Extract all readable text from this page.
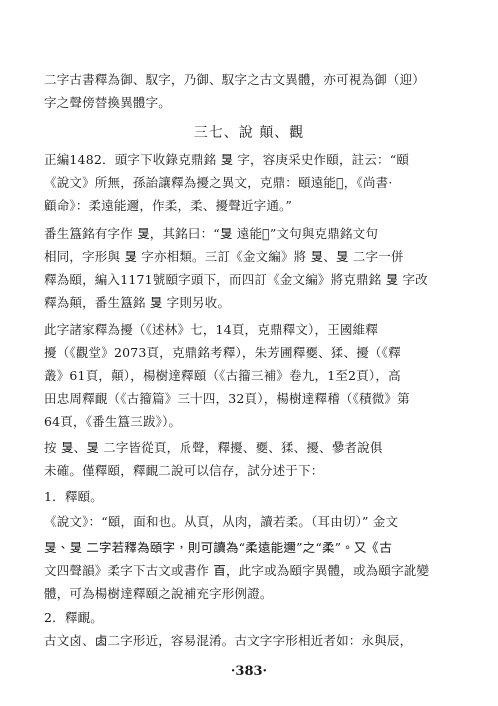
二字古書釋為御、馭字，乃御、馭字之古文異體，亦可視為御（迎）
字之聲傍替換異體字。
三七、說 顛、觀
正編1482．頭字下收錄克鼎銘 𥄎 字，容庚采史作頤，註云：“頤
《說文》所無，孫詒讓釋為擾之異文，克鼎：頤遠能𤞷，《尚書·
顧命》：柔遠能邇，作柔，柔、擾聲近字通。”
番生簋銘有字作 𥄎，其銘曰：“𥄎 遠能𤞷”文句與克鼎銘文句
相同，字形與 𥄎 字亦相類。三訂《金文編》將 𥄎、𥄎 二字一併
釋為頤，編入1171號頤字頭下，而四訂《金文編》將克鼎銘 𥄎 字改
釋為顛，番生簋銘 𥄎 字則另收。
此字諸家釋為擾（《述林》七，14頁，克鼎釋文），王國維釋
擾（《觀堂》2073頁，克鼎銘考釋），朱芳圃釋夒、猱、擾（《釋
叢》61頁，顛），楊樹達釋頤（《古籀三補》卷九，1至2頁），高
田忠周釋靦（《古籀篇》三十四，32頁），楊樹達釋稽（《積微》第
64頁，《番生簋三跋》）。
按 𥄎、𥄎 二字皆從頁，𠂢聲，釋擾、夒、猱、擾、曑者說俱
未確。僅釋頤，釋靦二說可以信存，試分述于下：
1．釋頤。
《說文》：“頤，面和也。从頁，从肉，讀若柔。（耳由切）” 金文
𥄎、𥄎 二字若釋為頤字，則可讀為“柔遠能邇”之“柔”。又《古
文四聲韻》柔字下古文或書作 𦣻，此字或為頤字異體，或為頤字訛變
體，可為楊樹達釋頤之說補充字形例證。
2．釋靦。
古文卤、𠧪二字形近，容易混淆。古文字字形相近者如：永與辰，
·383·
